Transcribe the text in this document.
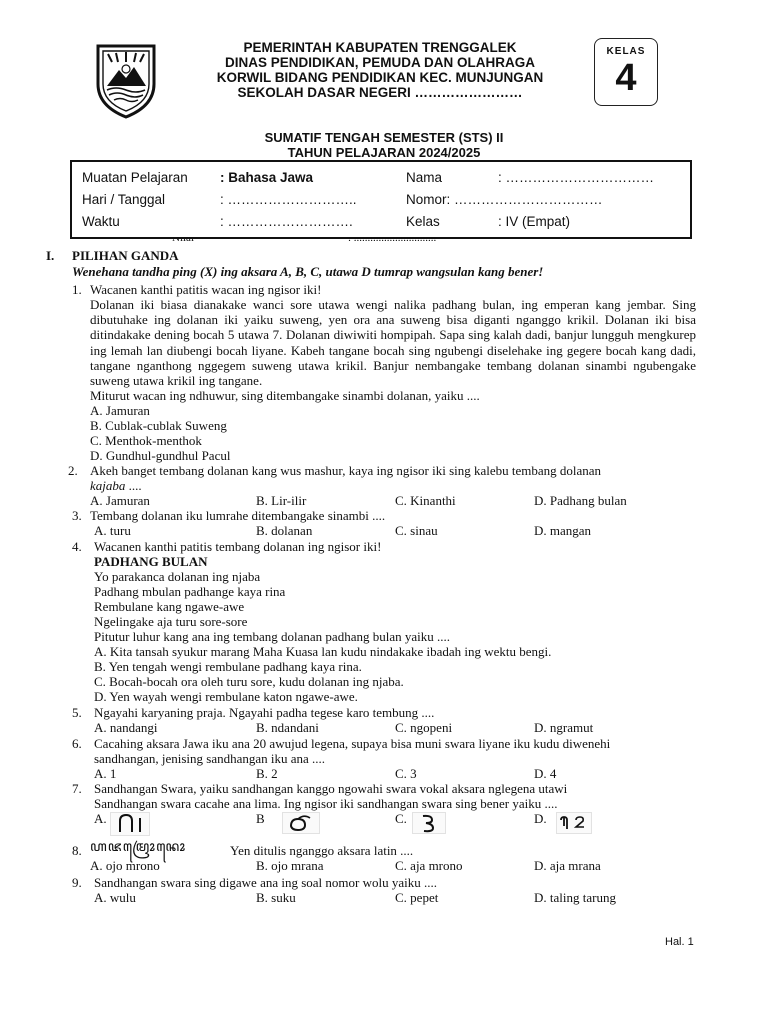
PEMERINTAH KABUPATEN TRENGGALEK
DINAS PENDIDIKAN, PEMUDA DAN OLAHRAGA
KORWIL BIDANG PENDIDIKAN KEC. MUNJUNGAN
SEKOLAH DASAR NEGERI ……………………
KELAS
4
SUMATIF TENGAH SEMESTER (STS) II
TAHUN PELAJARAN 2024/2025
Muatan Pelajaran : Bahasa Jawa	Nama	: ……………………………
Hari / Tanggal	: ………………………..	Nomor: ……………………………
Waktu	: ……………………….	Kelas	: IV (Empat)
I. PILIHAN GANDA
Wenehana tandha ping (X) ing aksara A, B, C, utawa D tumrap wangsulan kang bener!
1. Wacanen kanthi patitis wacan ing ngisor iki!
Dolanan iki biasa dianakake wanci sore utawa wengi nalika padhang bulan, ing emperan kang jembar. Sing dibutuhake ing dolanan iki yaiku suweng, yen ora ana suweng bisa diganti nganggo krikil. Dolanan iki bisa ditindakake dening bocah 5 utawa 7. Dolanan diwiwiti hompipah. Sapa sing kalah dadi, banjur lungguh mengkurep ing lemah lan diubengi bocah liyane. Kabeh tangane bocah sing ngubengi diselehake ing gegere bocah kang dadi, tangane nganthong nggegem suweng utawa krikil. Banjur nembangake tembang dolanan sinambi ngubengake suweng utawa krikil ing tangane.
Miturut wacan ing ndhuwur, sing ditembangake sinambi dolanan, yaiku ....
A. Jamuran
B. Cublak-cublak Suweng
C. Menthok-menthok
D. Gundhul-gundhul Pacul
2. Akeh banget tembang dolanan kang wus mashur, kaya ing ngisor iki sing kalebu tembang dolanan
kajaba ....
A. Jamuran	B. Lir-ilir	C. Kinanthi	D. Padhang bulan
3. Tembang dolanan iku lumrahe ditembangake sinambi ....
A. turu	B. dolanan	C. sinau	D. mangan
4. Wacanen kanthi patitis tembang dolanan ing ngisor iki!
PADHANG BULAN
Yo parakanca dolanan ing njaba
Padhang mbulan padhange kaya rina
Rembulane kang ngawe-awe
Ngelingake aja turu sore-sore
Pitutur luhur kang ana ing tembang dolanan padhang bulan yaiku ....
A. Kita tansah syukur marang Maha Kuasa lan kudu nindakake ibadah ing wektu bengi.
B. Yen tengah wengi rembulane padhang kaya rina.
C. Bocah-bocah ora oleh turu sore, kudu dolanan ing njaba.
D. Yen wayah wengi rembulane katon ngawe-awe.
5. Ngayahi karyaning praja. Ngayahi padha tegese karo tembung ....
A. nandangi	B. ndandani	C. ngopeni	D. ngramut
6. Cacahing aksara Jawa iku ana 20 awujud legena, supaya bisa muni swara liyane iku kudu diwenehi
sandhangan, jenising sandhangan iku ana ....
A. 1	B. 2	C. 3	D. 4
7. Sandhangan Swara, yaiku sandhangan kanggo ngowahi swara vokal aksara nglegena utawi
Sandhangan swara cacahe ana lima. Ing ngisor iki sandhangan swara sing bener yaiku ....
A.	B	C.	D.
8. ꦲꦗꦩꦿꦺꦴꦤꦺꦴ	Yen ditulis nganggo aksara latin ....
A. ojo mrono	B. ojo mrana	C. aja mrono	D. aja mrana
9. Sandhangan swara sing digawe ana ing soal nomor wolu yaiku ....
A. wulu	B. suku	C. pepet	D. taling tarung
Hal. 1
